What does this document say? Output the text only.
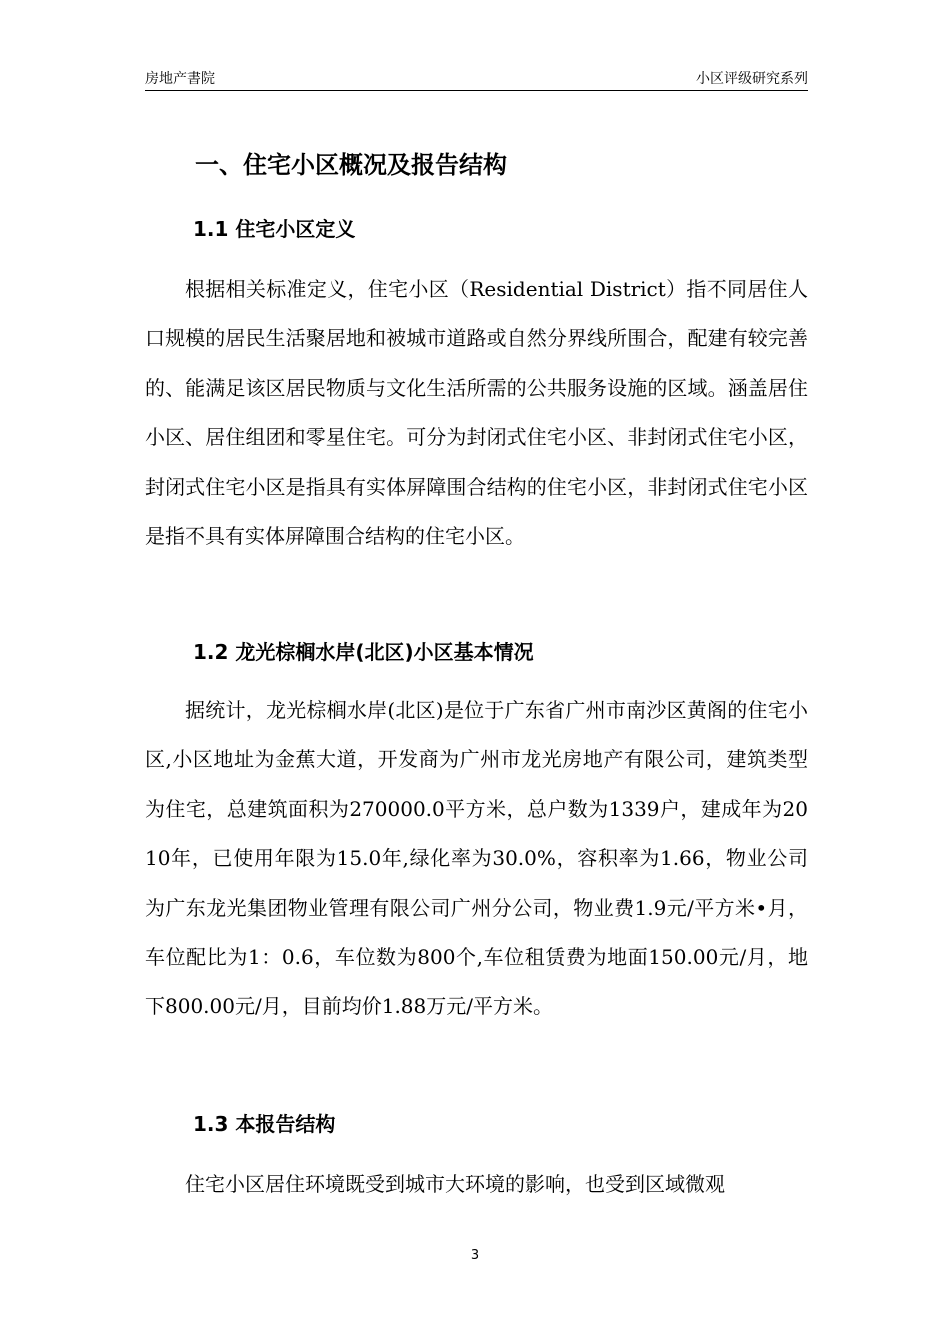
房地产書院	小区评级研究系列
一、住宅小区概况及报告结构
1.1 住宅小区定义
根据相关标准定义，住宅小区（Residential District）指不同居住人口规模的居民生活聚居地和被城市道路或自然分界线所围合，配建有较完善的、能满足该区居民物质与文化生活所需的公共服务设施的区域。涵盖居住小区、居住组团和零星住宅。可分为封闭式住宅小区、非封闭式住宅小区，封闭式住宅小区是指具有实体屏障围合结构的住宅小区，非封闭式住宅小区是指不具有实体屏障围合结构的住宅小区。
1.2 龙光棕榈水岸(北区)小区基本情况
据统计，龙光棕榈水岸(北区)是位于广东省广州市南沙区黄阁的住宅小区,小区地址为金蕉大道，开发商为广州市龙光房地产有限公司，建筑类型为住宅，总建筑面积为270000.0平方米，总户数为1339户，建成年为2010年，已使用年限为15.0年,绿化率为30.0%，容积率为1.66，物业公司为广东龙光集团物业管理有限公司广州分公司，物业费1.9元/平方米•月，车位配比为1：0.6，车位数为800个,车位租赁费为地面150.00元/月，地下800.00元/月，目前均价1.88万元/平方米。
1.3 本报告结构
住宅小区居住环境既受到城市大环境的影响，也受到区域微观
3
